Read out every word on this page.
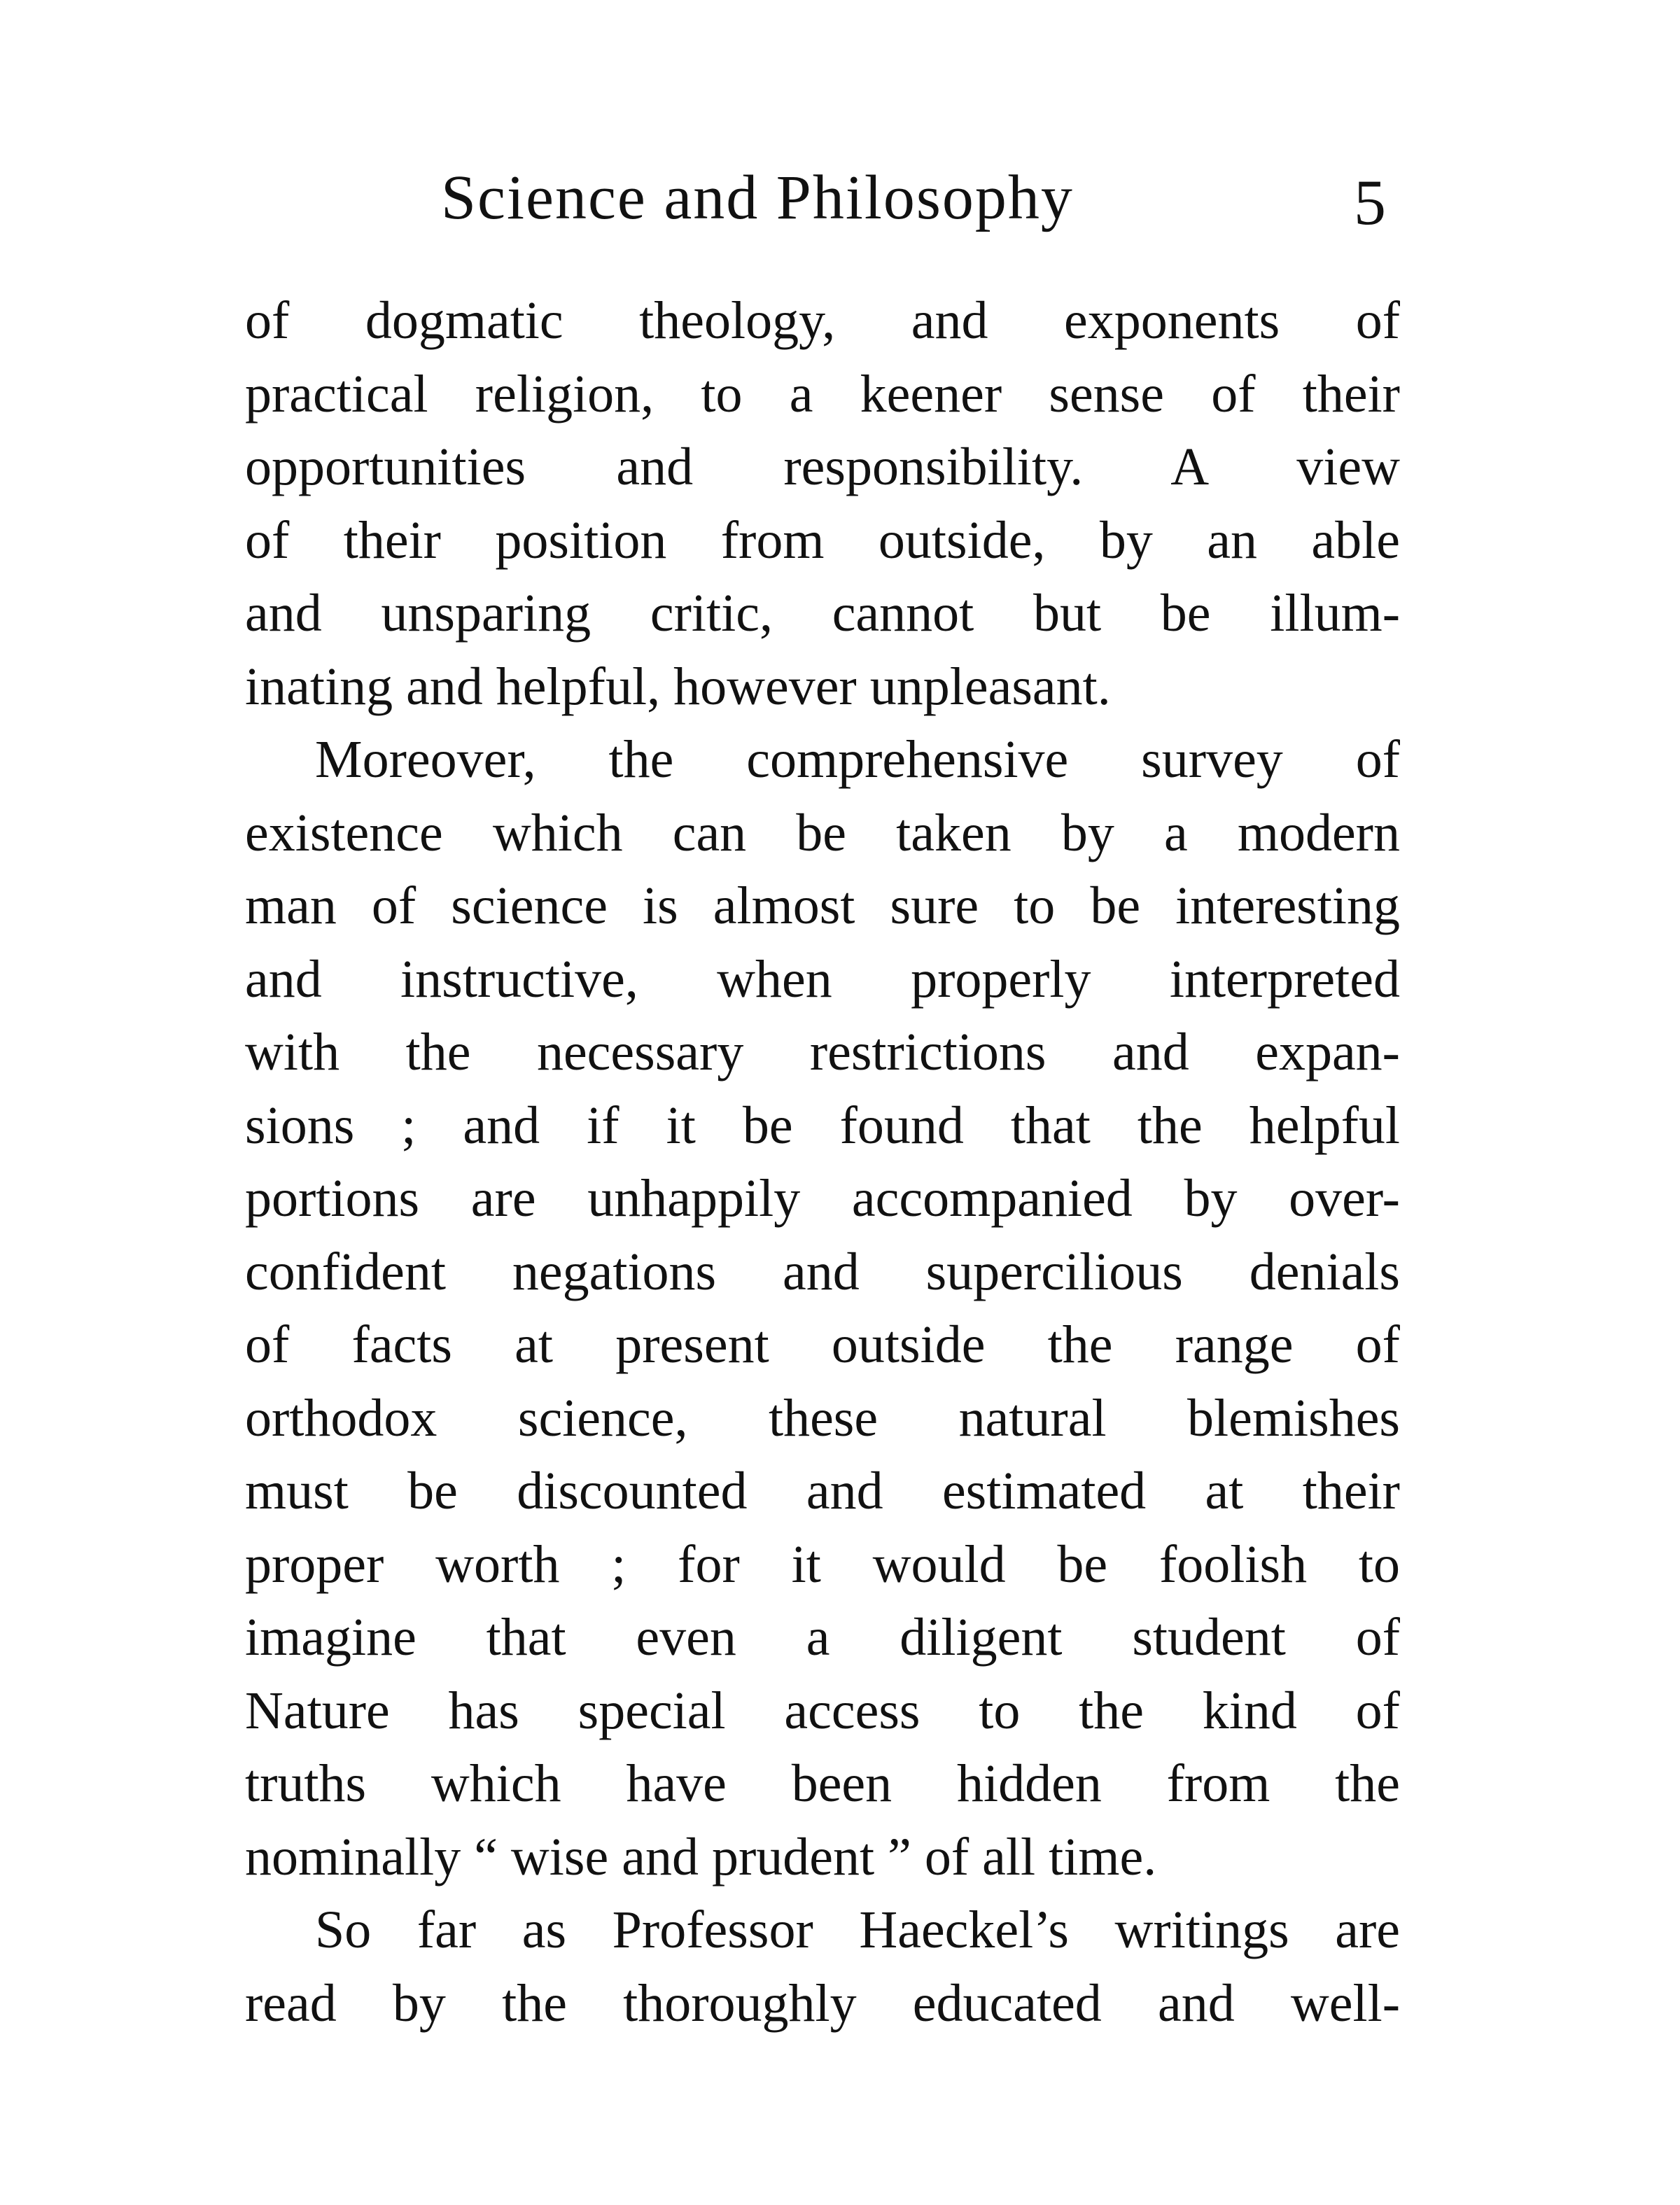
Science and Philosophy	5
of dogmatic theology, and exponents of
practical religion, to a keener sense of their
opportunities and responsibility. A view
of their position from outside, by an able
and unsparing critic, cannot but be illum-
inating and helpful, however unpleasant.
Moreover, the comprehensive survey of
existence which can be taken by a modern
man of science is almost sure to be interesting
and instructive, when properly interpreted
with the necessary restrictions and expan-
sions ; and if it be found that the helpful
portions are unhappily accompanied by over-
confident negations and supercilious denials
of facts at present outside the range of
orthodox science, these natural blemishes
must be discounted and estimated at their
proper worth ; for it would be foolish to
imagine that even a diligent student of
Nature has special access to the kind of
truths which have been hidden from the
nominally “ wise and prudent ” of all time.
So far as Professor Haeckel’s writings are
read by the thoroughly educated and well-
